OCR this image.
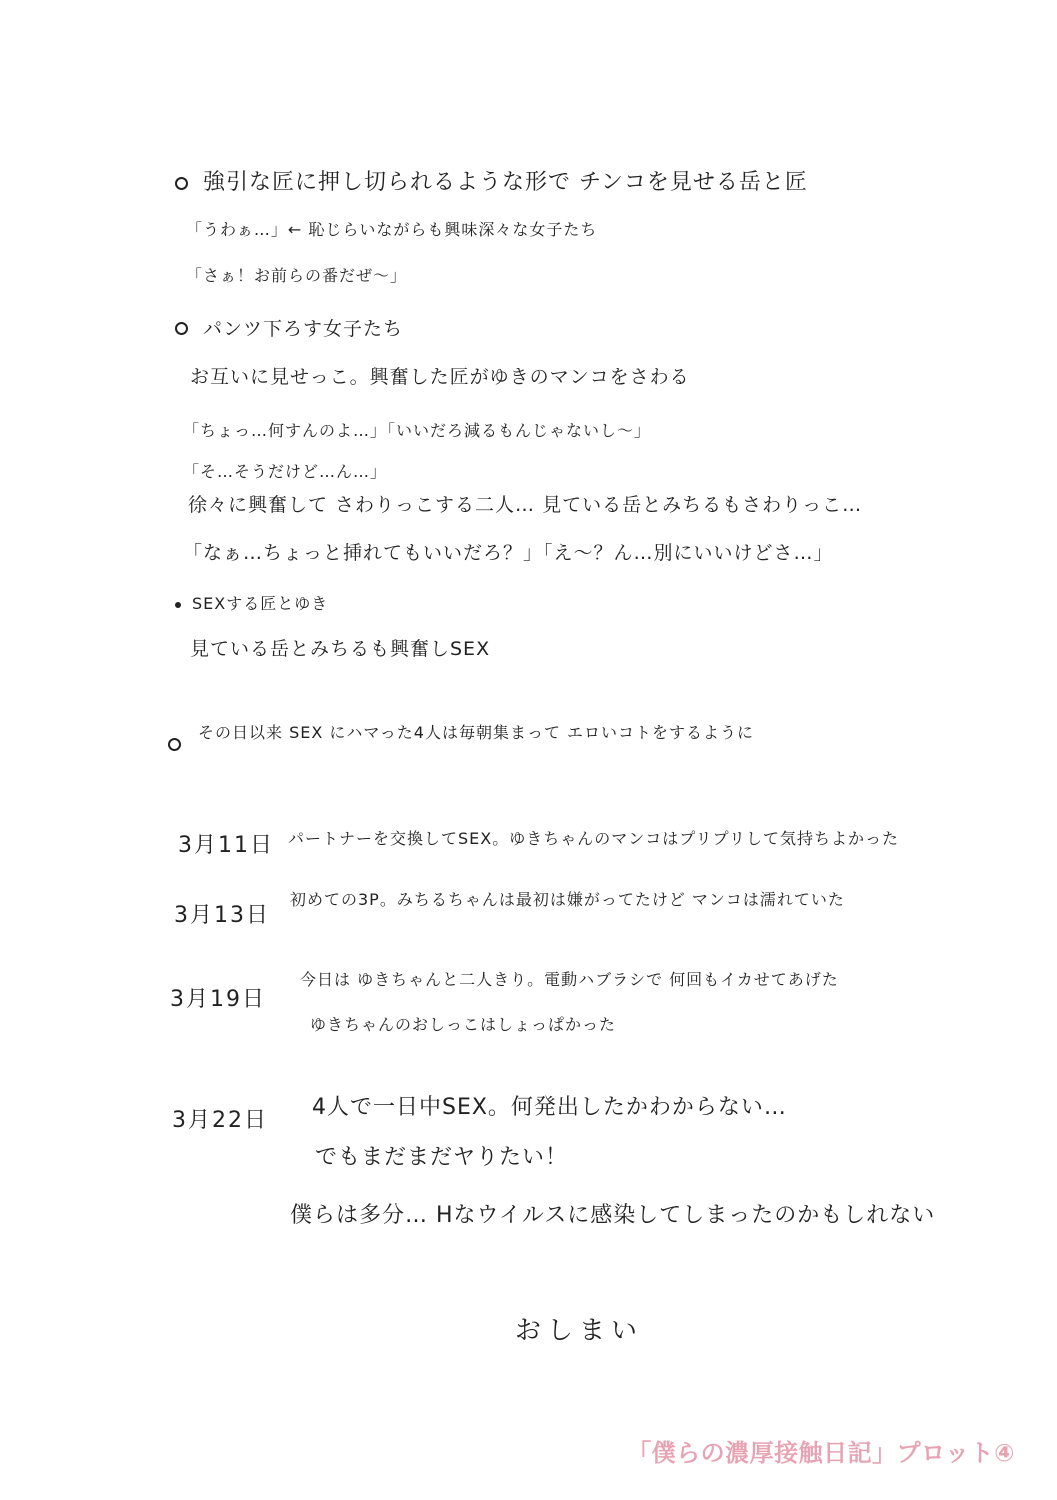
強引な匠に押し切られるような形で チンコを見せる岳と匠
「うわぁ…」← 恥じらいながらも興味深々な女子たち
「さぁ！お前らの番だぜ〜」
パンツ下ろす女子たち
お互いに見せっこ。興奮した匠がゆきのマンコをさわる
「ちょっ…何すんのよ…」「いいだろ減るもんじゃないし〜」
「そ…そうだけど…ん…」
徐々に興奮して さわりっこする二人… 見ている岳とみちるもさわりっこ…
「なぁ…ちょっと挿れてもいいだろ？」「え〜？ん…別にいいけどさ…」
SEXする匠とゆき
見ている岳とみちるも興奮しSEX
その日以来 SEX にハマった4人は毎朝集まって エロいコトをするように
3月11日 パートナーを交換してSEX。ゆきちゃんのマンコはプリプリして気持ちよかった
3月13日
初めての3P。みちるちゃんは最初は嫌がってたけど マンコは濡れていた
3月19日
今日は ゆきちゃんと二人きり。電動ハブラシで 何回もイカせてあげた
ゆきちゃんのおしっこはしょっぱかった
3月22日
4人で一日中SEX。何発出したかわからない…
でもまだまだヤりたい！
僕らは多分… Hなウイルスに感染してしまったのかもしれない
おしまい
「僕らの濃厚接触日記」プロット④
